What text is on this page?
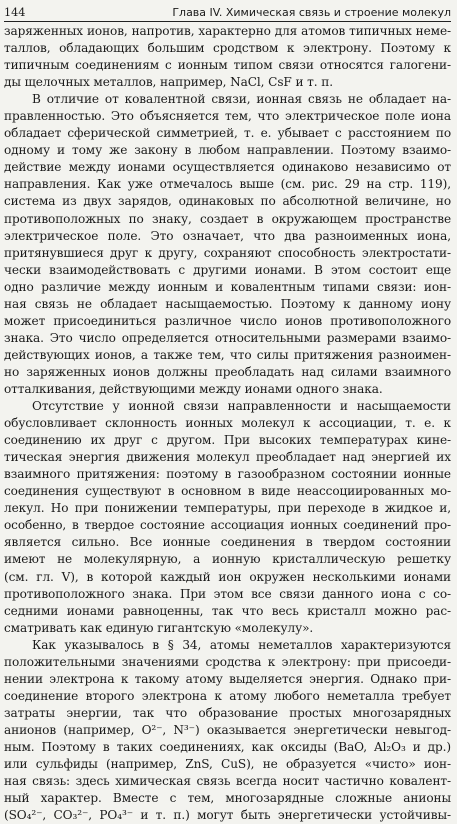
144	Глава IV. Химическая связь и строение молекул
заряженных ионов, напротив, характерно для атомов типичных неме-
таллов, обладающих большим сродством к электрону. Поэтому к
типичным соединениям с ионным типом связи относятся галогени-
ды щелочных металлов, например, NaCl, CsF и т. п.
В отличие от ковалентной связи, ионная связь не обладает на-
правленностью. Это объясняется тем, что электрическое поле иона
обладает сферической симметрией, т. е. убывает с расстоянием по
одному и тому же закону в любом направлении. Поэтому взаимо-
действие между ионами осуществляется одинаково независимо от
направления. Как уже отмечалось выше (см. рис. 29 на стр. 119),
система из двух зарядов, одинаковых по абсолютной величине, но
противоположных по знаку, создает в окружающем пространстве
электрическое поле. Это означает, что два разноименных иона,
притянувшиеся друг к другу, сохраняют способность электростати-
чески взаимодействовать с другими ионами. В этом состоит еще
одно различие между ионным и ковалентным типами связи: ион-
ная связь не обладает насыщаемостью. Поэтому к данному иону
может присоединиться различное число ионов противоположного
знака. Это число определяется относительными размерами взаимо-
действующих ионов, а также тем, что силы притяжения разноимен-
но заряженных ионов должны преобладать над силами взаимного
отталкивания, действующими между ионами одного знака.
Отсутствие у ионной связи направленности и насыщаемости
обусловливает склонность ионных молекул к ассоциации, т. е. к
соединению их друг с другом. При высоких температурах кине-
тическая энергия движения молекул преобладает над энергией их
взаимного притяжения: поэтому в газообразном состоянии ионные
соединения существуют в основном в виде неассоциированных мо-
лекул. Но при понижении температуры, при переходе в жидкое и,
особенно, в твердое состояние ассоциация ионных соединений про-
является сильно. Все ионные соединения в твердом состоянии
имеют не молекулярную, а ионную кристаллическую решетку
(см. гл. V), в которой каждый ион окружен несколькими ионами
противоположного знака. При этом все связи данного иона с со-
седними ионами равноценны, так что весь кристалл можно рас-
сматривать как единую гигантскую «молекулу».
Как указывалось в § 34, атомы неметаллов характеризуются
положительными значениями сродства к электрону: при присоеди-
нении электрона к такому атому выделяется энергия. Однако при-
соединение второго электрона к атому любого неметалла требует
затраты энергии, так что образование простых многозарядных
анионов (например, O²⁻, N³⁻) оказывается энергетически невыгод-
ным. Поэтому в таких соединениях, как оксиды (BaO, Al₂O₃ и др.)
или сульфиды (например, ZnS, CuS), не образуется «чисто» ион-
ная связь: здесь химическая связь всегда носит частично ковалент-
ный характер. Вместе с тем, многозарядные сложные анионы
(SO₄²⁻, CO₃²⁻, PO₄³⁻ и т. п.) могут быть энергетически устойчивы-
